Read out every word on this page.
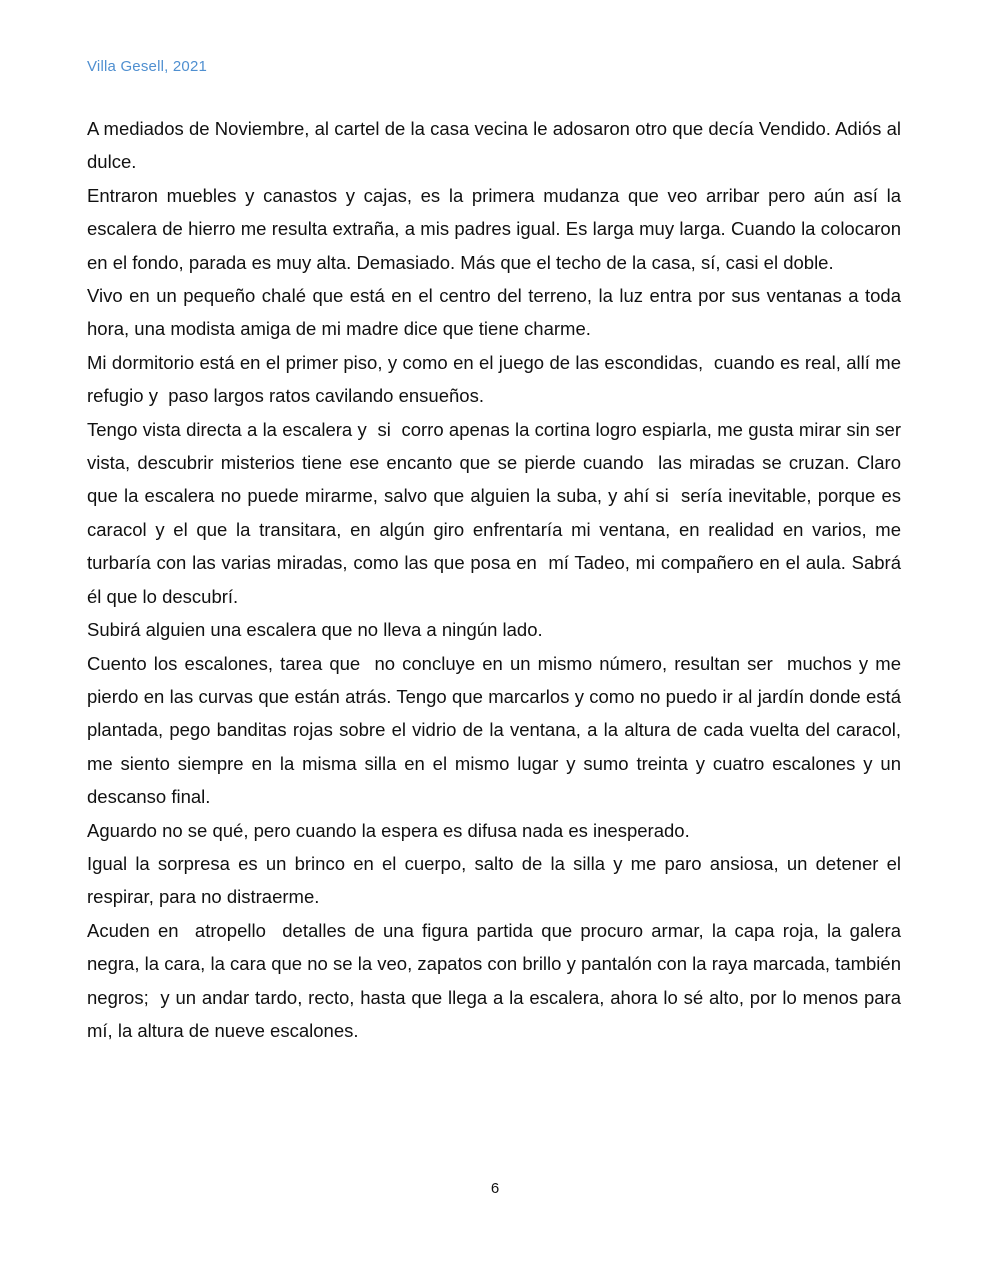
Villa Gesell, 2021

A mediados de Noviembre, al cartel de la casa vecina le adosaron otro que decía Vendido. Adiós al dulce.

Entraron muebles y canastos y cajas, es la primera mudanza que veo arribar pero aún así la escalera de hierro me resulta extraña, a mis padres igual. Es larga muy larga. Cuando la colocaron en el fondo, parada es muy alta. Demasiado. Más que el techo de la casa, sí, casi el doble.

Vivo en un pequeño chalé que está en el centro del terreno, la luz entra por sus ventanas a toda hora, una modista amiga de mi madre dice que tiene charme.

Mi dormitorio está en el primer piso, y como en el juego de las escondidas,  cuando es real, allí me  refugio y  paso largos ratos cavilando ensueños.

Tengo vista directa a la escalera y  si  corro apenas la cortina logro espiarla, me gusta mirar sin ser vista, descubrir misterios tiene ese encanto que se pierde cuando  las miradas se cruzan. Claro que la escalera no puede mirarme, salvo que alguien la suba, y ahí si  sería inevitable, porque es caracol y el que la transitara, en algún giro enfrentaría mi ventana, en realidad en varios, me turbaría con las varias miradas, como las que posa en  mí Tadeo, mi compañero en el aula. Sabrá él que lo descubrí.

Subirá alguien una escalera que no lleva a ningún lado.

Cuento los escalones, tarea que  no concluye en un mismo número, resultan ser  muchos y me pierdo en las curvas que están atrás. Tengo que marcarlos y como no puedo ir al jardín donde está plantada, pego banditas rojas sobre el vidrio de la ventana, a la altura de cada vuelta del caracol, me siento siempre en la misma silla en el mismo lugar y sumo treinta y cuatro escalones y un descanso final.

Aguardo no se qué, pero cuando la espera es difusa nada es inesperado.

Igual la sorpresa es un brinco en el cuerpo, salto de la silla y me paro ansiosa, un detener el respirar, para no distraerme.

Acuden en  atropello  detalles de una figura partida que procuro armar, la capa roja, la galera negra, la cara, la cara que no se la veo, zapatos con brillo y pantalón con la raya marcada, también negros;  y un andar tardo, recto, hasta que llega a la escalera, ahora lo sé alto, por lo menos para mí, la altura de nueve escalones.

6
